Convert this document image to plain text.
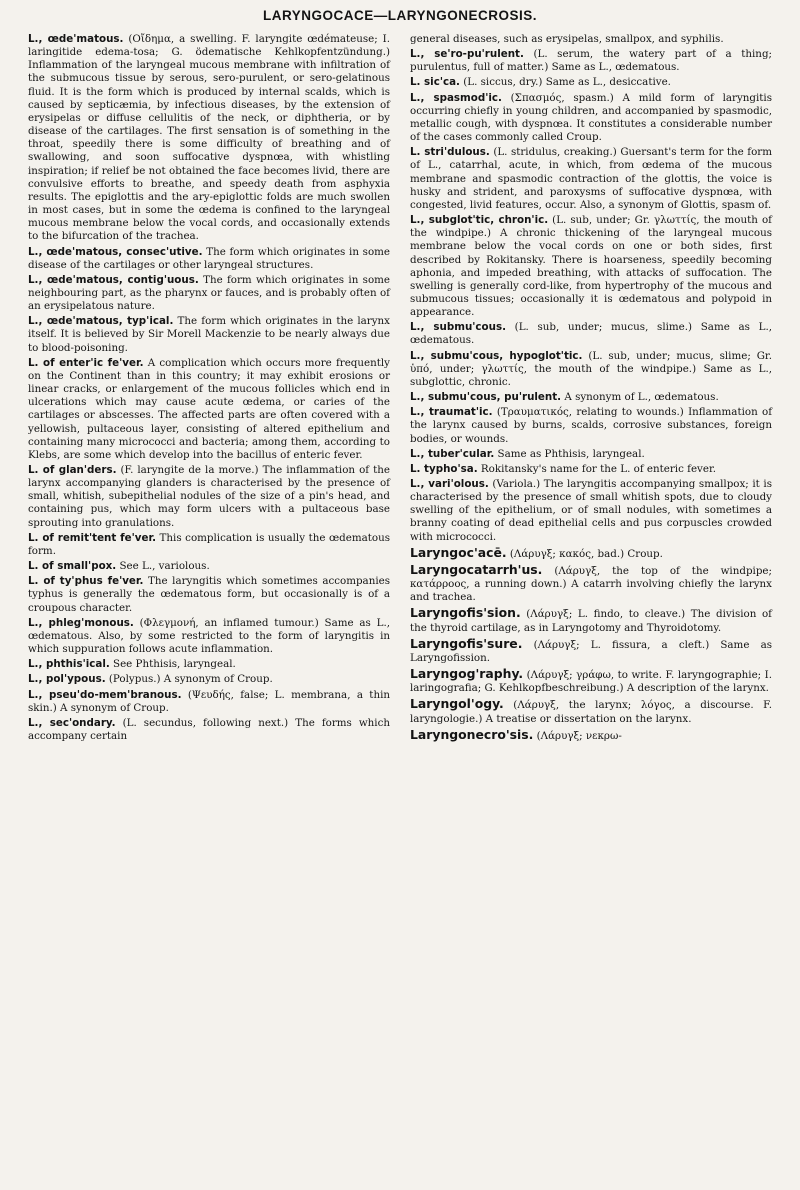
LARYNGOCACE—LARYNGONECROSIS.

L., œde'matous. (Οἴδημα, a swelling. F. laryngite œdémateuse; I. laringitide edema-tosa; G. ödematische Kehlkopfentzündung.) Inflammation of the laryngeal mucous membrane with infiltration of the submucous tissue by serous, sero-purulent, or sero-gelatinous fluid. It is the form which is produced by internal scalds, which is caused by septicæmia, by infectious diseases, by the extension of erysipelas or diffuse cellulitis of the neck, or diphtheria, or by disease of the cartilages. The first sensation is of something in the throat, speedily there is some difficulty of breathing and of swallowing, and soon suffocative dyspnœa, with whistling inspiration; if relief be not obtained the face becomes livid, there are convulsive efforts to breathe, and speedy death from asphyxia results. The epiglottis and the ary-epiglottic folds are much swollen in most cases, but in some the œdema is confined to the laryngeal mucous membrane below the vocal cords, and occasionally extends to the bifurcation of the trachea.

L., œde'matous, consec'utive. The form which originates in some disease of the cartilages or other laryngeal structures.

L., œde'matous, contig'uous. The form which originates in some neighbouring part, as the pharynx or fauces, and is probably often of an erysipelatous nature.

L., œde'matous, typ'ical. The form which originates in the larynx itself. It is believed by Sir Morell Mackenzie to be nearly always due to blood-poisoning.

L. of enter'ic fe'ver. A complication which occurs more frequently on the Continent than in this country; it may exhibit erosions or linear cracks, or enlargement of the mucous follicles which end in ulcerations which may cause acute œdema, or caries of the cartilages or abscesses. The affected parts are often covered with a yellowish, pultaceous layer, consisting of altered epithelium and containing many micrococci and bacteria; among them, according to Klebs, are some which develop into the bacillus of enteric fever.

L. of glan'ders. (F. laryngite de la morve.) The inflammation of the larynx accompanying glanders is characterised by the presence of small, whitish, subepithelial nodules of the size of a pin's head, and containing pus, which may form ulcers with a pultaceous base sprouting into granulations.

L. of remit'tent fe'ver. This complication is usually the œdematous form.

L. of small'pox. See L., variolous.

L. of ty'phus fe'ver. The laryngitis which sometimes accompanies typhus is generally the œdematous form, but occasionally is of a croupous character.

L., phleg'monous. (Φλεγμονή, an inflamed tumour.) Same as L., œdematous. Also, by some restricted to the form of laryngitis in which suppuration follows acute inflammation.

L., phthis'ical. See Phthisis, laryngeal.

L., pol'ypous. (Polypus.) A synonym of Croup.

L., pseu'do-mem'branous. (Ψευδής, false; L. membrana, a thin skin.) A synonym of Croup.

L., sec'ondary. (L. secundus, following next.) The forms which accompany certain

general diseases, such as erysipelas, smallpox, and syphilis.

L., se'ro-pu'rulent. (L. serum, the watery part of a thing; purulentus, full of matter.) Same as L., œdematous.

L. sic'ca. (L. siccus, dry.) Same as L., desiccative.

L., spasmod'ic. (Σπασμός, spasm.) A mild form of laryngitis occurring chiefly in young children, and accompanied by spasmodic, metallic cough, with dyspnœa. It constitutes a considerable number of the cases commonly called Croup.

L. stri'dulous. (L. stridulus, creaking.) Guersant's term for the form of L., catarrhal, acute, in which, from œdema of the mucous membrane and spasmodic contraction of the glottis, the voice is husky and strident, and paroxysms of suffocative dyspnœa, with congested, livid features, occur. Also, a synonym of Glottis, spasm of.

L., subglot'tic, chron'ic. (L. sub, under; Gr. γλωττίς, the mouth of the windpipe.) A chronic thickening of the laryngeal mucous membrane below the vocal cords on one or both sides, first described by Rokitansky. There is hoarseness, speedily becoming aphonia, and impeded breathing, with attacks of suffocation. The swelling is generally cord-like, from hypertrophy of the mucous and submucous tissues; occasionally it is œdematous and polypoid in appearance.

L., submu'cous. (L. sub, under; mucus, slime.) Same as L., œdematous.

L., submu'cous, hypoglot'tic. (L. sub, under; mucus, slime; Gr. ὑπό, under; γλωττίς, the mouth of the windpipe.) Same as L., subglottic, chronic.

L., submu'cous, pu'rulent. A synonym of L., œdematous.

L., traumat'ic. (Τραυματικός, relating to wounds.) Inflammation of the larynx caused by burns, scalds, corrosive substances, foreign bodies, or wounds.

L., tuber'cular. Same as Phthisis, laryngeal.

L. typho'sa. Rokitansky's name for the L. of enteric fever.

L., vari'olous. (Variola.) The laryngitis accompanying smallpox; it is characterised by the presence of small whitish spots, due to cloudy swelling of the epithelium, or of small nodules, with sometimes a branny coating of dead epithelial cells and pus corpuscles crowded with micrococci.

Laryngoc'acē. (Λάρυγξ; κακός, bad.) Croup.

Laryngocatarrh'us. (Λάρυγξ, the top of the windpipe; κατάρροος, a running down.) A catarrh involving chiefly the larynx and trachea.

Laryngofis'sion. (Λάρυγξ; L. findo, to cleave.) The division of the thyroid cartilage, as in Laryngotomy and Thyroidotomy.

Laryngofis'sure. (Λάρυγξ; L. fissura, a cleft.) Same as Laryngofission.

Laryngog'raphy. (Λάρυγξ; γράφω, to write. F. laryngographie; I. laringografia; G. Kehlkopfbeschreibung.) A description of the larynx.

Laryngol'ogy. (Λάρυγξ, the larynx; λόγος, a discourse. F. laryngologie.) A treatise or dissertation on the larynx.

Laryngonecro'sis. (Λάρυγξ; νεκρω-
